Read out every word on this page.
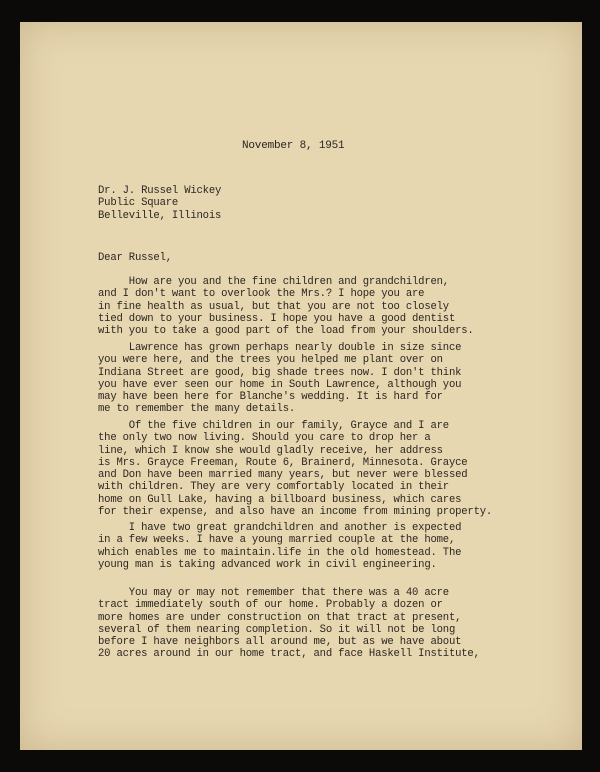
November 8, 1951
Dr. J. Russel Wickey
Public Square
Belleville, Illinois
Dear Russel,
How are you and the fine children and grandchildren,
and I don't want to overlook the Mrs.? I hope you are
in fine health as usual, but that you are not too closely
tied down to your business. I hope you have a good dentist
with you to take a good part of the load from your shoulders.
Lawrence has grown perhaps nearly double in size since
you were here, and the trees you helped me plant over on
Indiana Street are good, big shade trees now. I don't think
you have ever seen our home in South Lawrence, although you
may have been here for Blanche's wedding. It is hard for
me to remember the many details.
Of the five children in our family, Grayce and I are
the only two now living. Should you care to drop her a
line, which I know she would gladly receive, her address
is Mrs. Grayce Freeman, Route 6, Brainerd, Minnesota. Grayce
and Don have been married many years, but never were blessed
with children. They are very comfortably located in their
home on Gull Lake, having a billboard business, which cares
for their expense, and also have an income from mining property.
I have two great grandchildren and another is expected
in a few weeks. I have a young married couple at the home,
which enables me to maintain.life in the old homestead. The
young man is taking advanced work in civil engineering.
You may or may not remember that there was a 40 acre
tract immediately south of our home. Probably a dozen or
more homes are under construction on that tract at present,
several of them nearing completion. So it will not be long
before I have neighbors all around me, but as we have about
20 acres around in our home tract, and face Haskell Institute,
